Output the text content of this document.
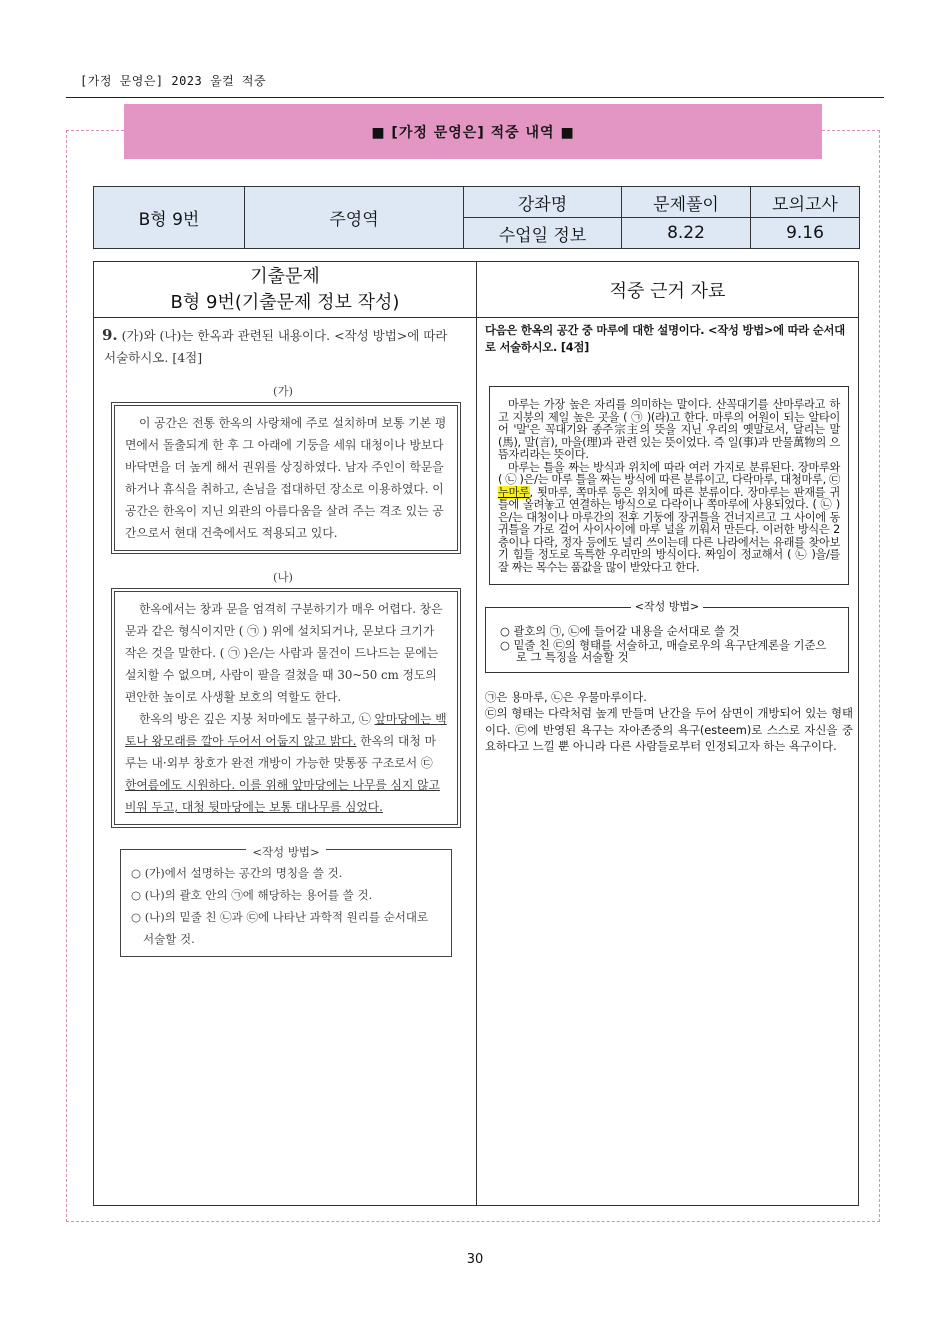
[가정 문영은] 2023 울컬 적중
■ [가정 문영은] 적중 내역 ■
B형 9번	주영역	강좌명	문제풀이	모의고사
		수업일 정보	8.22	9.16
기출문제
B형 9번(기출문제 정보 작성)
적중 근거 자료
9. (가)와 (나)는 한옥과 관련된 내용이다. <작성 방법>에 따라
서술하시오. [4점]
(가)
이 공간은 전통 한옥의 사랑채에 주로 설치하며 보통 기본 평면에서 돌출되게 한 후 그 아래에 기둥을 세워 대청이나 방보다 바닥면을 더 높게 해서 권위를 상징하였다. 남자 주인이 학문을 하거나 휴식을 취하고, 손님을 접대하던 장소로 이용하였다. 이 공간은 한옥이 지닌 외관의 아름다움을 살려 주는 격조 있는 공간으로서 현대 건축에서도 적용되고 있다.
(나)
한옥에서는 창과 문을 엄격히 구분하기가 매우 어렵다. 창은 문과 같은 형식이지만 ( ㉠ ) 위에 설치되거나, 문보다 크기가 작은 것을 말한다. ( ㉠ )은/는 사람과 물건이 드나드는 문에는 설치할 수 없으며, 사람이 팔을 걸쳤을 때 30~50 cm 정도의 편안한 높이로 사생활 보호의 역할도 한다.
한옥의 방은 깊은 지붕 처마에도 불구하고, ㉡ 앞마당에는 백토나 왕모래를 깔아 두어서 어둡지 않고 밝다. 한옥의 대청 마루는 내·외부 창호가 완전 개방이 가능한 맞통풍 구조로서 ㉢ 한여름에도 시원하다. 이를 위해 앞마당에는 나무를 심지 않고 비워 두고, 대청 뒷마당에는 보통 대나무를 심었다.
<작성 방법>
○ (가)에서 설명하는 공간의 명칭을 쓸 것.
○ (나)의 괄호 안의 ㉠에 해당하는 용어를 쓸 것.
○ (나)의 밑줄 친 ㉡과 ㉢에 나타난 과학적 원리를 순서대로 서술할 것.
다음은 한옥의 공간 중 마루에 대한 설명이다. <작성 방법>에 따라 순서대로 서술하시오. [4점]

마루는 가장 높은 자리를 의미하는 말이다. 산꼭대기를 산마루라고 하고 지붕의 제일 높은 곳을 ( ㉠ )(라)고 한다. 마루의 어원이 되는 알타이어 '말'은 꼭대기와 종주宗主의 뜻을 지닌 우리의 옛말로서, 달리는 말(馬), 말(言), 마을(理)과 관련 있는 뜻이었다. 즉 일(事)과 만물萬物의 으뜸자리라는 뜻이다.

마루는 틀을 짜는 방식과 위치에 따라 여러 가지로 분류된다. 장마루와 ( ㉡ )은/는 마루 틀을 짜는 방식에 따른 분류이고, 다락마루, 대청마루, ㉢누마루, 툇마루, 쪽마루 등은 위치에 따른 분류이다. 장마루는 판재를 귀틀에 올려놓고 연결하는 방식으로 다락이나 쪽마루에 사용되었다. ( ㉡ )은/는 대청이나 마루간의 전후 기둥에 장귀틀을 건너지르고 그 사이에 동귀틀을 가로 걸어 사이사이에 마루 널을 끼워서 만든다. 이러한 방식은 2층이나 다락, 정자 등에도 널리 쓰이는데 다른 나라에서는 유래를 찾아보기 힘들 정도로 독특한 우리만의 방식이다. 짜임이 정교해서 ( ㉡ )을/를 잘 짜는 목수는 품값을 많이 받았다고 한다.

<작성 방법>
○ 괄호의 ㉠, ㉡에 들어갈 내용을 순서대로 쓸 것
○ 밑줄 친 ㉢의 형태를 서술하고, 매슬로우의 욕구단계론을 기준으로 그 특징을 서술할 것
㉠은 용마루, ㉡은 우물마루이다.
㉢의 형태는 다락처럼 높게 만들며 난간을 두어 삼면이 개방되어 있는 형태이다. ㉢에 반영된 욕구는 자아존중의 욕구(esteem)로 스스로 자신을 중요하다고 느낄 뿐 아니라 다른 사람들로부터 인정되고자 하는 욕구이다.
30
